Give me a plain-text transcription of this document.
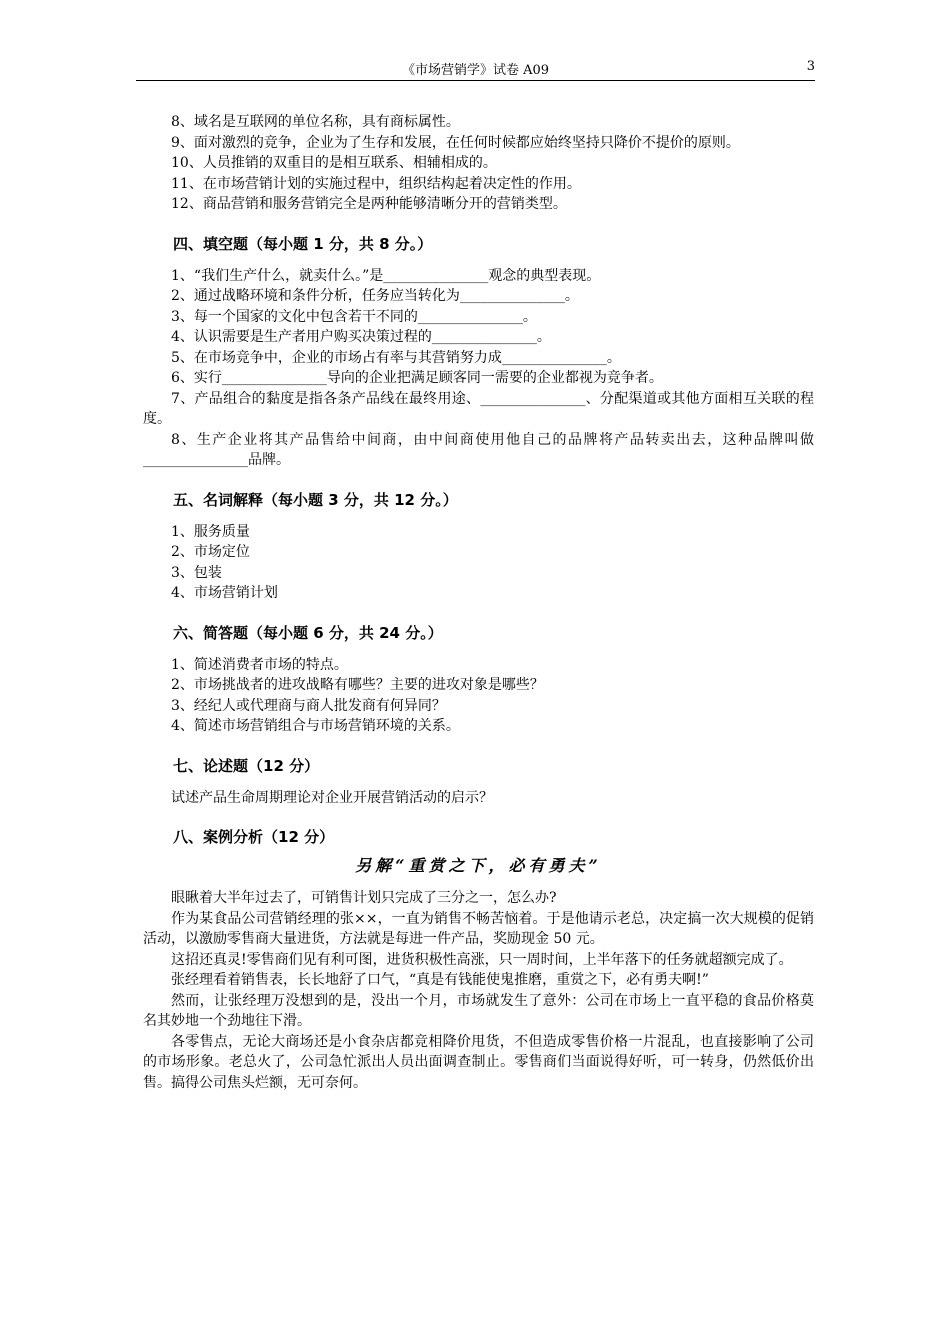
《市场营销学》试卷 A09	3

8、域名是互联网的单位名称，具有商标属性。

9、面对激烈的竞争，企业为了生存和发展，在任何时候都应始终坚持只降价不提价的原则。

10、人员推销的双重目的是相互联系、相辅相成的。

11、在市场营销计划的实施过程中，组织结构起着决定性的作用。

12、商品营销和服务营销完全是两种能够清晰分开的营销类型。

四、填空题（每小题 1 分，共 8 分。）

1、“我们生产什么，就卖什么。”是_______________观念的典型表现。

2、通过战略环境和条件分析，任务应当转化为_______________。

3、每一个国家的文化中包含若干不同的_______________。

4、认识需要是生产者用户购买决策过程的_______________。

5、在市场竞争中，企业的市场占有率与其营销努力成_______________。

6、实行_______________导向的企业把满足顾客同一需要的企业都视为竞争者。

7、产品组合的黏度是指各条产品线在最终用途、_______________、分配渠道或其他方面相互关联的程度。

8、生产企业将其产品售给中间商，由中间商使用他自己的品牌将产品转卖出去，这种品牌叫做_______________品牌。

五、名词解释（每小题 3 分，共 12 分。）

1、服务质量

2、市场定位

3、包装

4、市场营销计划

六、简答题（每小题 6 分，共 24 分。）

1、简述消费者市场的特点。

2、市场挑战者的进攻战略有哪些？主要的进攻对象是哪些？

3、经纪人或代理商与商人批发商有何异同？

4、简述市场营销组合与市场营销环境的关系。

七、论述题（12 分）

试述产品生命周期理论对企业开展营销活动的启示？

八、案例分析（12 分）

另解“重赏之下，必有勇夫”

眼瞅着大半年过去了，可销售计划只完成了三分之一，怎么办?

作为某食品公司营销经理的张××，一直为销售不畅苦恼着。于是他请示老总，决定搞一次大规模的促销活动，以激励零售商大量进货，方法就是每进一件产品，奖励现金 50 元。

这招还真灵!零售商们见有利可图，进货积极性高涨，只一周时间，上半年落下的任务就超额完成了。

张经理看着销售表，长长地舒了口气，“真是有钱能使鬼推磨，重赏之下，必有勇夫啊!”

然而，让张经理万没想到的是，没出一个月，市场就发生了意外：公司在市场上一直平稳的食品价格莫名其妙地一个劲地往下滑。

各零售点，无论大商场还是小食杂店都竞相降价甩货，不但造成零售价格一片混乱，也直接影响了公司的市场形象。老总火了，公司急忙派出人员出面调查制止。零售商们当面说得好听，可一转身，仍然低价出售。搞得公司焦头烂额，无可奈何。
